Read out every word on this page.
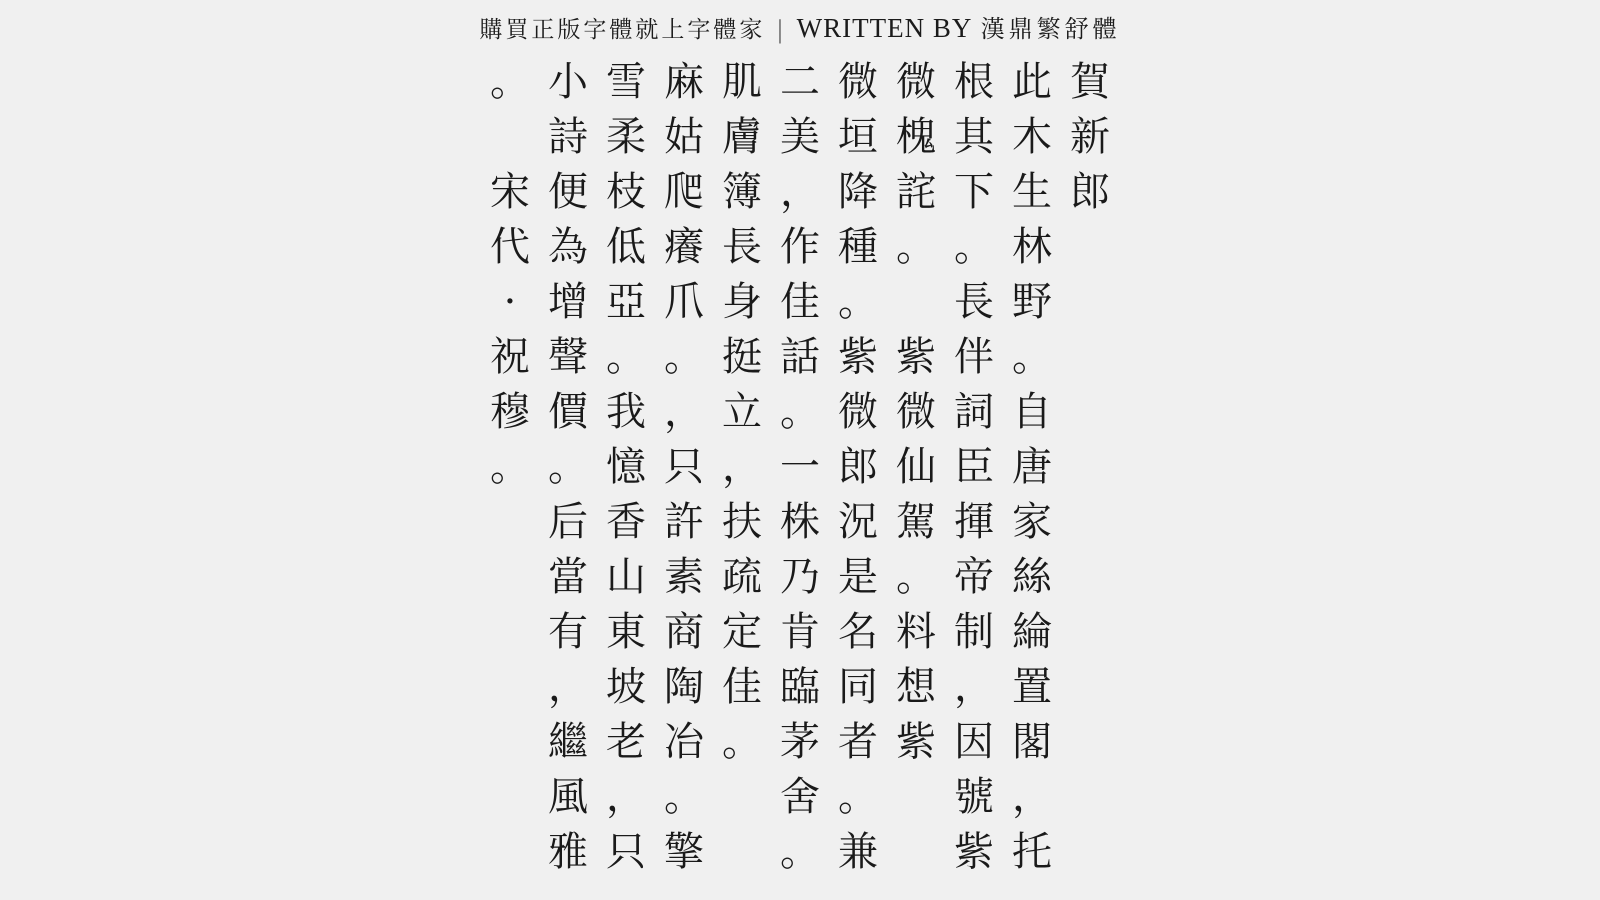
購買正版字體就上字體家 | WRITTEN BY 漢鼎繁舒體
賀
新
郎
此
木
生
林
野
。
自
唐
家
絲
綸
置
閣
，
托
根
其
下
。
長
伴
詞
臣
揮
帝
制
，
因
號
紫
微
槐
詫
。

紫
微
仙
駕
。
料
想
紫
微
垣
降
種
。
紫
微
郎
況
是
名
同
者
。
兼
二
美
，
作
佳
話
。
一
株
乃
肯
臨
茅
舍
。
肌
膚
簿
長
身
挺
立
，
扶
疏
定
佳
。
麻
姑
爬
癢
爪
。
，
只
許
素
商
陶
冶
。
擎
雪
柔
枝
低
亞
。
我
憶
香
山
東
坡
老
，
只
小
詩
便
為
增
聲
價
。
后
當
有
，
繼
風
雅
。

宋
代
·
祝
穆
。
